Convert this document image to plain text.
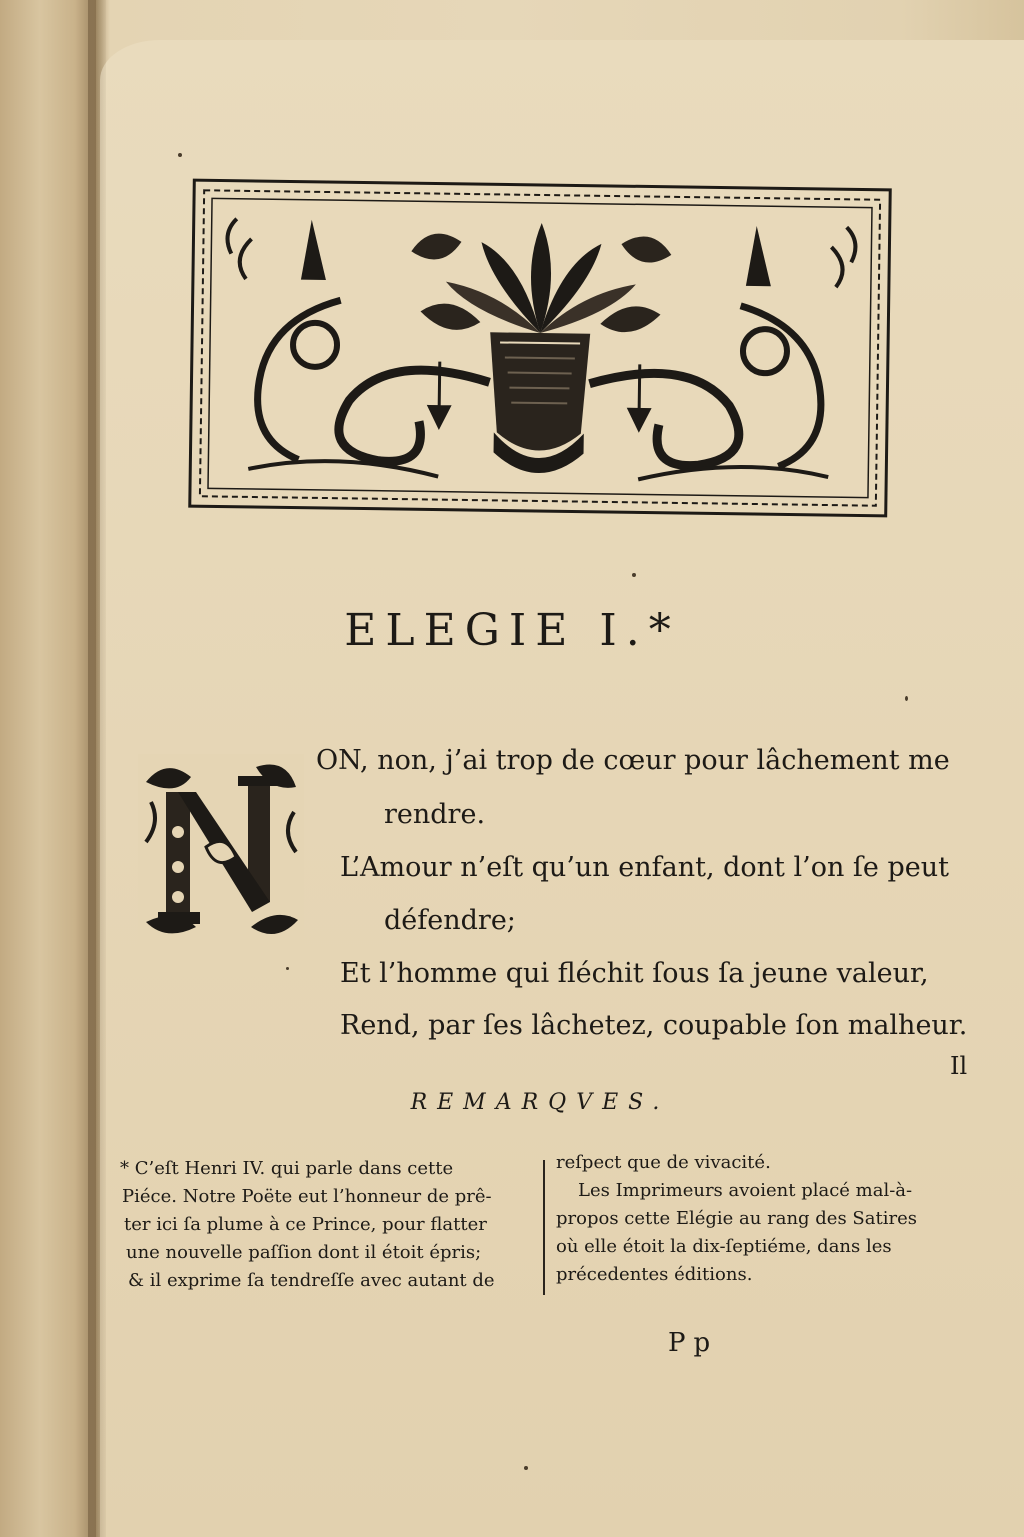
ELEGIE I.*
ON, non, j’ai trop de cœur pour lâchement me
rendre.
L’Amour n’eſt qu’un enfant, dont l’on ſe peut
défendre;
Et l’homme qui fléchit ſous ſa jeune valeur,
Rend, par ſes lâchetez, coupable ſon malheur.
Il
REMARQVES.
* C’eſt Henri IV. qui parle dans cette
Piéce. Notre Poëte eut l’honneur de prê-
ter ici ſa plume à ce Prince, pour flatter
une nouvelle paſſion dont il étoit épris;
& il exprime ſa tendreſſe avec autant de
reſpect que de vivacité.
Les Imprimeurs avoient placé mal-à-
propos cette Elégie au rang des Satires
où elle étoit la dix-ſeptiéme, dans les
précedentes éditions.
Pp
